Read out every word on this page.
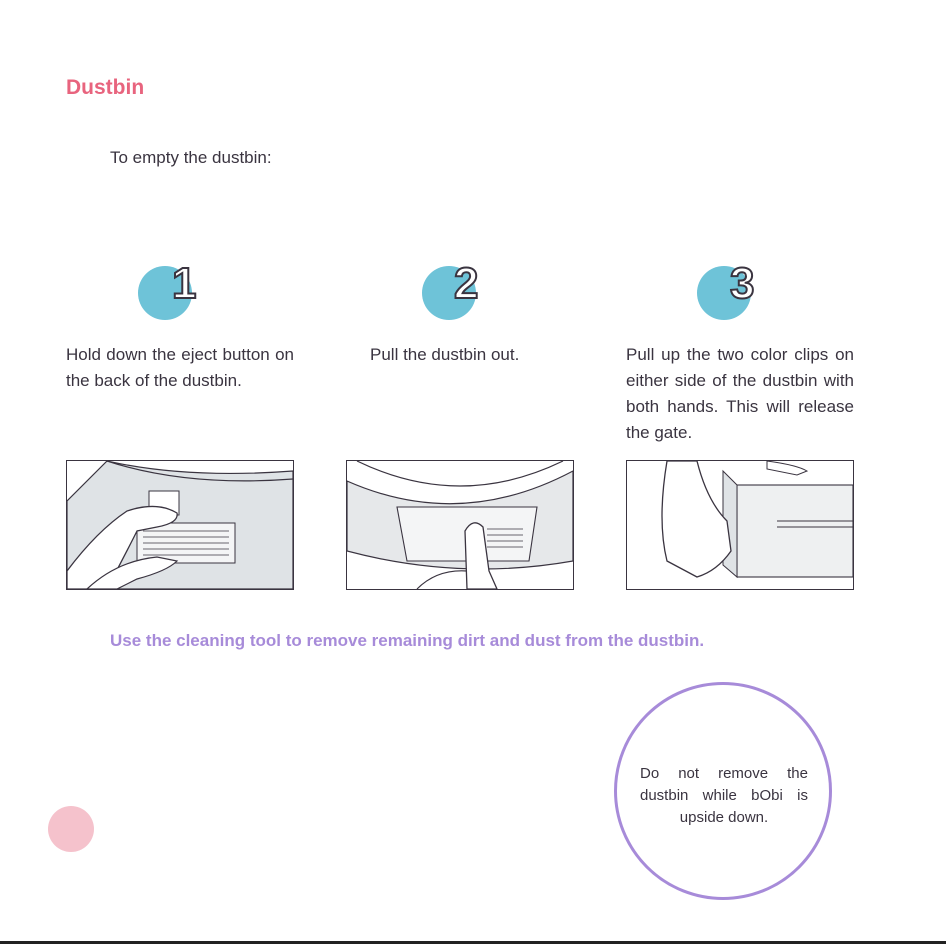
Dustbin
To empty the dustbin:
1
Hold down the eject button on the back of the dustbin.
2
Pull the dustbin out.
3
Pull up the two color clips on either side of the dustbin with both hands. This will release the gate.
Use the cleaning tool to remove remaining dirt and dust from the dustbin.
Do not remove the dustbin while bObi is upside down.
